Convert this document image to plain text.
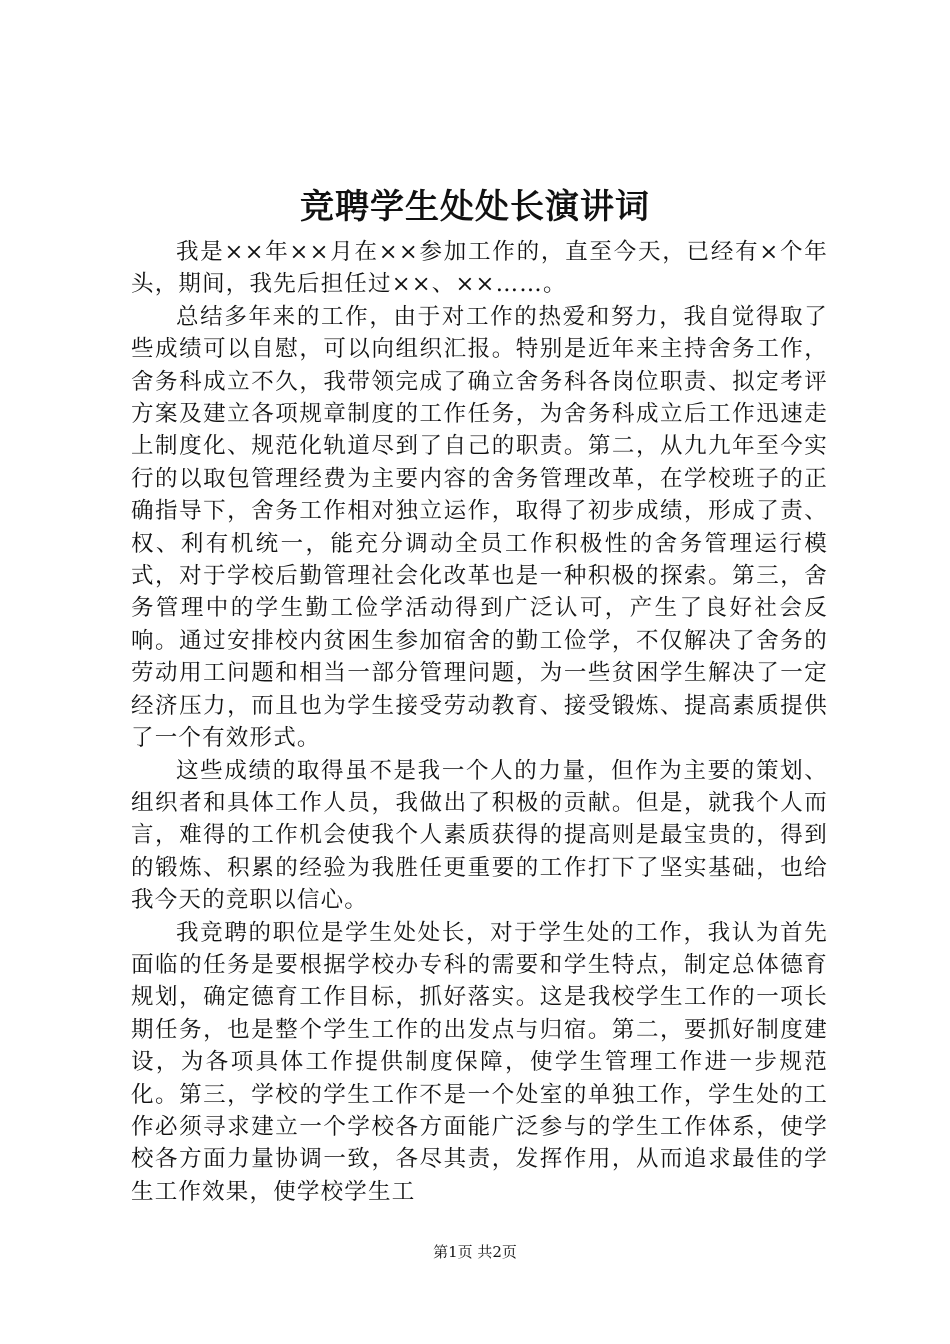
竞聘学生处处长演讲词

我是××年××月在××参加工作的，直至今天，已经有×个年头，期间，我先后担任过××、××……。

总结多年来的工作，由于对工作的热爱和努力，我自觉得取了些成绩可以自慰，可以向组织汇报。特别是近年来主持舍务工作，舍务科成立不久，我带领完成了确立舍务科各岗位职责、拟定考评方案及建立各项规章制度的工作任务，为舍务科成立后工作迅速走上制度化、规范化轨道尽到了自己的职责。第二，从九九年至今实行的以取包管理经费为主要内容的舍务管理改革，在学校班子的正确指导下，舍务工作相对独立运作，取得了初步成绩，形成了责、权、利有机统一，能充分调动全员工作积极性的舍务管理运行模式，对于学校后勤管理社会化改革也是一种积极的探索。第三，舍务管理中的学生勤工俭学活动得到广泛认可，产生了良好社会反响。通过安排校内贫困生参加宿舍的勤工俭学，不仅解决了舍务的劳动用工问题和相当一部分管理问题，为一些贫困学生解决了一定经济压力，而且也为学生接受劳动教育、接受锻炼、提高素质提供了一个有效形式。

这些成绩的取得虽不是我一个人的力量，但作为主要的策划、组织者和具体工作人员，我做出了积极的贡献。但是，就我个人而言，难得的工作机会使我个人素质获得的提高则是最宝贵的，得到的锻炼、积累的经验为我胜任更重要的工作打下了坚实基础，也给我今天的竞职以信心。

我竞聘的职位是学生处处长，对于学生处的工作，我认为首先面临的任务是要根据学校办专科的需要和学生特点，制定总体德育规划，确定德育工作目标，抓好落实。这是我校学生工作的一项长期任务，也是整个学生工作的出发点与归宿。第二，要抓好制度建设，为各项具体工作提供制度保障，使学生管理工作进一步规范化。第三，学校的学生工作不是一个处室的单独工作，学生处的工作必须寻求建立一个学校各方面能广泛参与的学生工作体系，使学校各方面力量协调一致，各尽其责，发挥作用，从而追求最佳的学生工作效果，使学校学生工

第1页 共2页
